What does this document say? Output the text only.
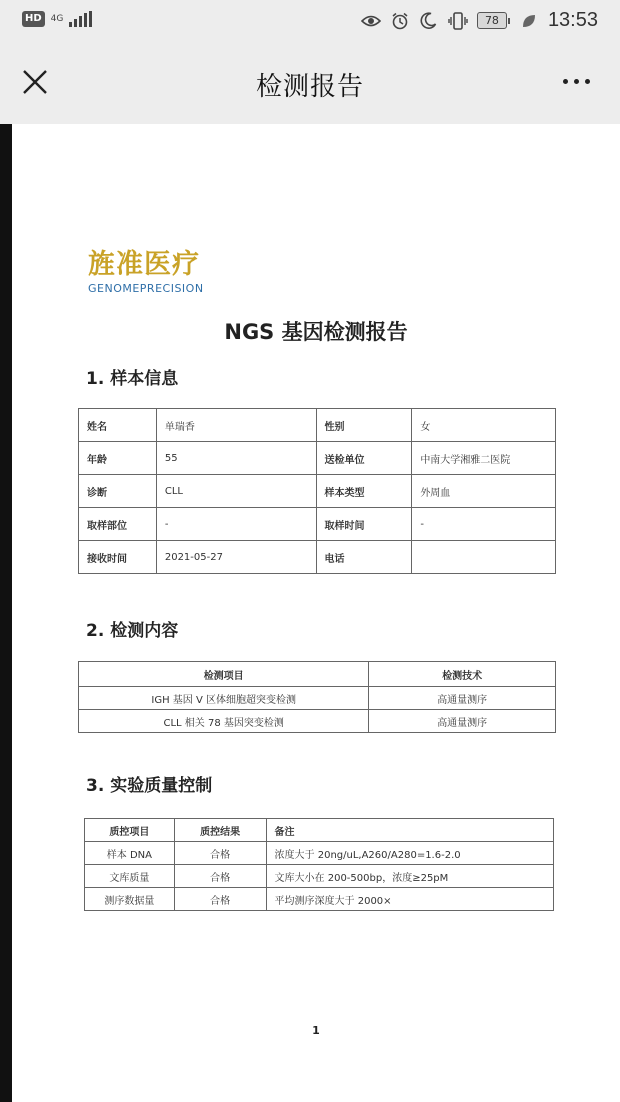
HD	4G	78	13:53
检测报告
旌准医疗
GENOMEPRECISION
NGS 基因检测报告
1. 样本信息
姓名	单瑞香	性别	女
年龄	55	送检单位	中南大学湘雅二医院
诊断	CLL	样本类型	外周血
取样部位	-	取样时间	-
接收时间	2021-05-27	电话	
2. 检测内容
检测项目	检测技术
IGH 基因 V 区体细胞超突变检测	高通量测序
CLL 相关 78 基因突变检测	高通量测序
3. 实验质量控制
质控项目	质控结果	备注
样本 DNA	合格	浓度大于 20ng/uL,A260/A280=1.6-2.0
文库质量	合格	文库大小在 200-500bp，浓度≥25pM
测序数据量	合格	平均测序深度大于 2000×
1
